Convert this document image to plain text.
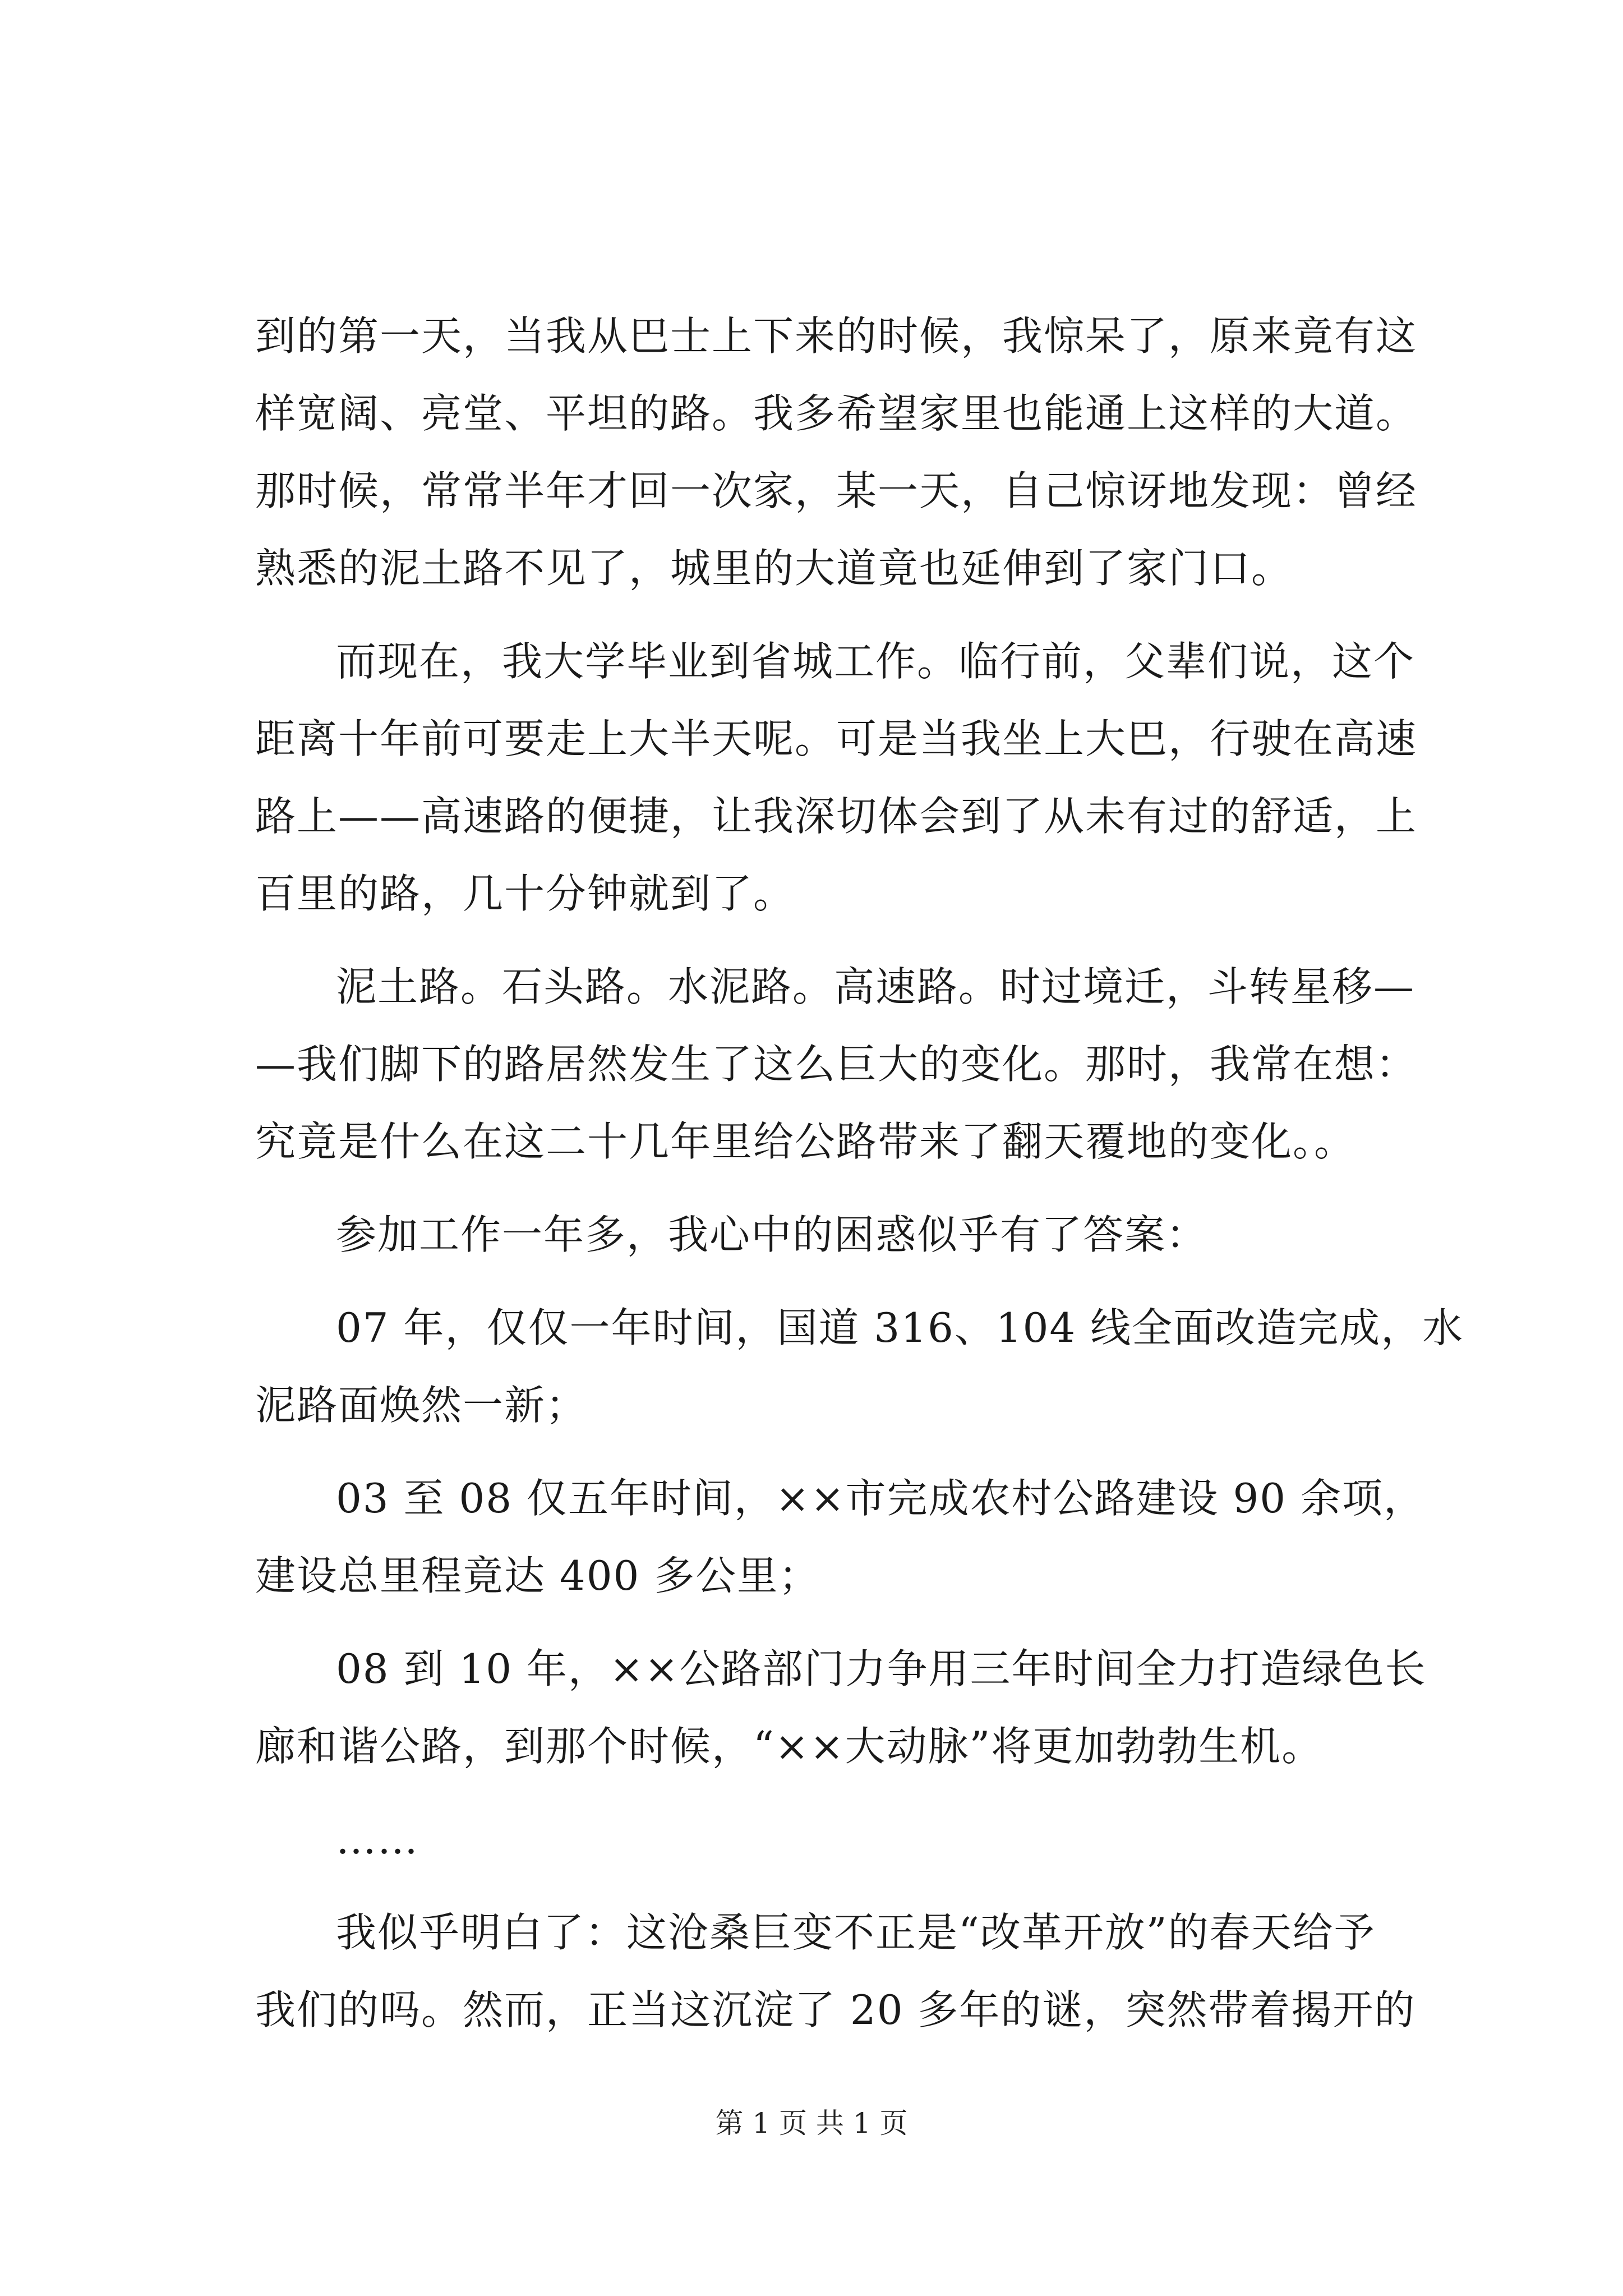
到的第一天，当我从巴士上下来的时候，我惊呆了，原来竟有这
样宽阔、亮堂、平坦的路。我多希望家里也能通上这样的大道。
那时候，常常半年才回一次家，某一天，自己惊讶地发现：曾经
熟悉的泥土路不见了，城里的大道竟也延伸到了家门口。
而现在，我大学毕业到省城工作。临行前，父辈们说，这个
距离十年前可要走上大半天呢。可是当我坐上大巴，行驶在高速
路上——高速路的便捷，让我深切体会到了从未有过的舒适，上
百里的路，几十分钟就到了。
泥土路。石头路。水泥路。高速路。时过境迁，斗转星移—
—我们脚下的路居然发生了这么巨大的变化。那时，我常在想：
究竟是什么在这二十几年里给公路带来了翻天覆地的变化。。
参加工作一年多，我心中的困惑似乎有了答案：
07 年，仅仅一年时间，国道 316、104 线全面改造完成，水
泥路面焕然一新；
03 至 08 仅五年时间，××市完成农村公路建设 90 余项，
建设总里程竟达 400 多公里；
08 到 10 年，××公路部门力争用三年时间全力打造绿色长
廊和谐公路，到那个时候，“××大动脉”将更加勃勃生机。
……
我似乎明白了：这沧桑巨变不正是“改革开放”的春天给予
我们的吗。然而，正当这沉淀了 20 多年的谜，突然带着揭开的
第 1 页 共 1 页
